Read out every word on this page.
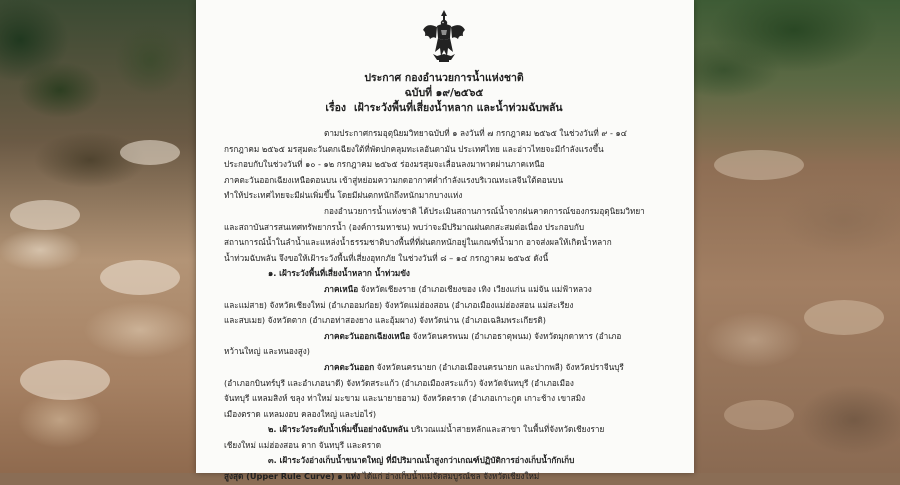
ประกาศ กองอำนวยการน้ำแห่งชาติ
ฉบับที่ ๑๙/๒๕๖๕
เรื่อง เฝ้าระวังพื้นที่เสี่ยงน้ำหลาก และน้ำท่วมฉับพลัน
ตามประกาศกรมอุตุนิยมวิทยาฉบับที่ ๑ ลงวันที่ ๗ กรกฎาคม ๒๕๖๕ ในช่วงวันที่ ๙ - ๑๔
กรกฎาคม ๒๕๖๕ มรสุมตะวันตกเฉียงใต้ที่พัดปกคลุมทะเลอันดามัน ประเทศไทย และอ่าวไทยจะมีกำลังแรงขึ้น
ประกอบกับในช่วงวันที่ ๑๐ - ๑๒ กรกฎาคม ๒๕๖๕ ร่องมรสุมจะเลื่อนลงมาพาดผ่านภาคเหนือ
ภาคตะวันออกเฉียงเหนือตอนบน เข้าสู่หย่อมความกดอากาศต่ำกำลังแรงบริเวณทะเลจีนใต้ตอนบน
ทำให้ประเทศไทยจะมีฝนเพิ่มขึ้น โดยมีฝนตกหนักถึงหนักมากบางแห่ง
กองอำนวยการน้ำแห่งชาติ ได้ประเมินสถานการณ์น้ำจากฝนคาดการณ์ของกรมอุตุนิยมวิทยา
และสถาบันสารสนเทศทรัพยากรน้ำ (องค์การมหาชน) พบว่าจะมีปริมาณฝนตกสะสมต่อเนื่อง ประกอบกับ
สถานการณ์น้ำในลำน้ำและแหล่งน้ำธรรมชาติบางพื้นที่ที่ฝนตกหนักอยู่ในเกณฑ์น้ำมาก อาจส่งผลให้เกิดน้ำหลาก
น้ำท่วมฉับพลัน จึงขอให้เฝ้าระวังพื้นที่เสี่ยงอุทกภัย ในช่วงวันที่ ๘ – ๑๔ กรกฎาคม ๒๕๖๕ ดังนี้
๑. เฝ้าระวังพื้นที่เสี่ยงน้ำหลาก น้ำท่วมขัง
ภาคเหนือ จังหวัดเชียงราย (อำเภอเชียงของ เทิง เวียงแก่น แม่จัน แม่ฟ้าหลวง
และแม่สาย) จังหวัดเชียงใหม่ (อำเภออมก๋อย) จังหวัดแม่ฮ่องสอน (อำเภอเมืองแม่ฮ่องสอน แม่สะเรียง
และสบเมย) จังหวัดตาก (อำเภอท่าสองยาง และอุ้มผาง) จังหวัดน่าน (อำเภอเฉลิมพระเกียรติ)
ภาคตะวันออกเฉียงเหนือ จังหวัดนครพนม (อำเภอธาตุพนม) จังหวัดมุกดาหาร (อำเภอ
หว้านใหญ่ และหนองสูง)
ภาคตะวันออก จังหวัดนครนายก (อำเภอเมืองนครนายก และปากพลี) จังหวัดปราจีนบุรี
(อำเภอกบินทร์บุรี และอำเภอนาดี) จังหวัดสระแก้ว (อำเภอเมืองสระแก้ว) จังหวัดจันทบุรี (อำเภอเมือง
จันทบุรี แหลมสิงห์ ขลุง ท่าใหม่ มะขาม และนายายอาม) จังหวัดตราด (อำเภอเกาะกูด เกาะช้าง เขาสมิง
เมืองตราด แหลมงอบ คลองใหญ่ และบ่อไร่)
๒. เฝ้าระวังระดับน้ำเพิ่มขึ้นอย่างฉับพลัน บริเวณแม่น้ำสายหลักและสาขา ในพื้นที่จังหวัดเชียงราย
เชียงใหม่ แม่ฮ่องสอน ตาก จันทบุรี และตราด
๓. เฝ้าระวังอ่างเก็บน้ำขนาดใหญ่ ที่มีปริมาณน้ำสูงกว่าเกณฑ์ปฏิบัติการอ่างเก็บน้ำกักเก็บ
สูงสุด (Upper Rule Curve) ๑ แห่ง ได้แก่ อ่างเก็บน้ำแม่จัดสมบูรณ์ชล จังหวัดเชียงใหม่
